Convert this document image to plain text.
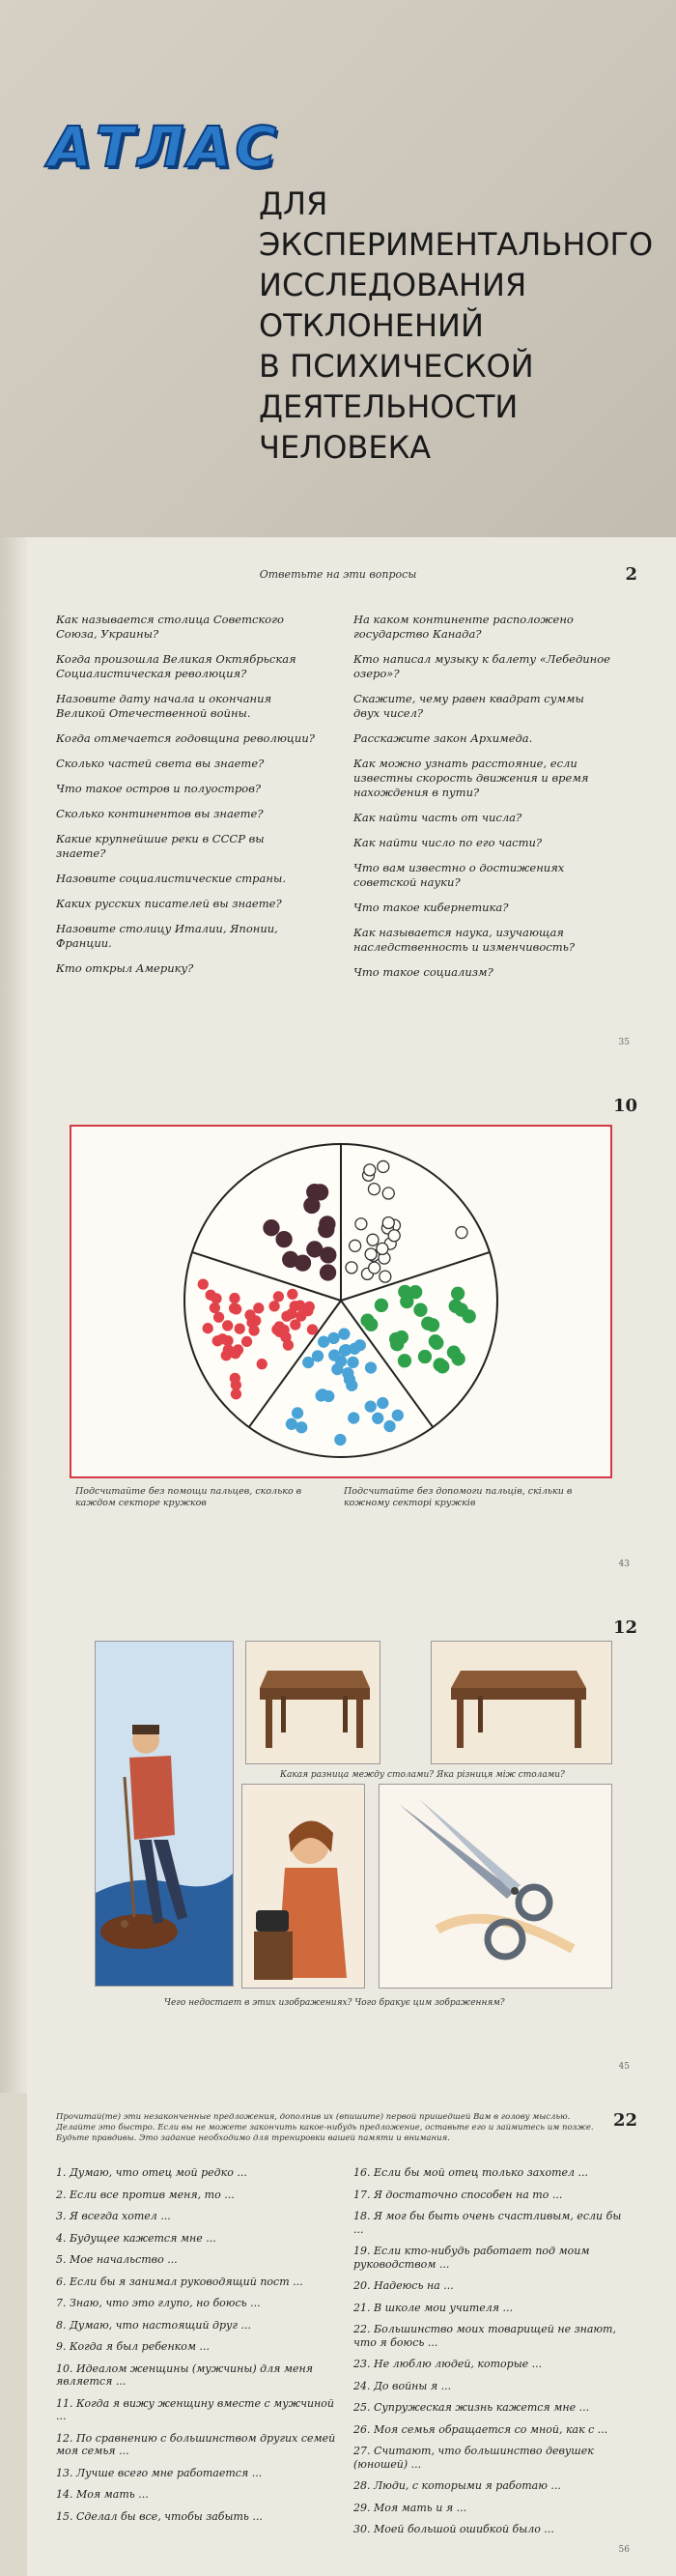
АТЛАС
ДЛЯ
ЭКСПЕРИМЕНТАЛЬНОГО
ИССЛЕДОВАНИЯ
ОТКЛОНЕНИЙ
В ПСИХИЧЕСКОЙ
ДЕЯТЕЛЬНОСТИ
ЧЕЛОВЕКА
Ответьте на эти вопросы	2
Как называется столица Советского Союза, Украины?
Когда произошла Великая Октябрьская Социалистическая революция?
Назовите дату начала и окончания Великой Отечественной войны.
Когда отмечается годовщина революции?
Сколько частей света вы знаете?
Что такое остров и полуостров?
Сколько континентов вы знаете?
Какие крупнейшие реки в СССР вы знаете?
Назовите социалистические страны.
Каких русских писателей вы знаете?
Назовите столицу Италии, Японии, Франции.
Кто открыл Америку?
На каком континенте расположено государство Канада?
Кто написал музыку к балету «Лебединое озеро»?
Скажите, чему равен квадрат суммы двух чисел?
Расскажите закон Архимеда.
Как можно узнать расстояние, если известны скорость движения и время нахождения в пути?
Как найти часть от числа?
Как найти число по его части?
Что вам известно о достижениях советской науки?
Что такое кибернетика?
Как называется наука, изучающая наследственность и изменчивость?
Что такое социализм?
35
10
Подсчитайте без помощи пальцев, сколько в каждом секторе кружков
Подсчитайте без допомоги пальців, скільки в кожному секторі кружків
43
12
Какая разница между столами? Яка різниця між столами?
Чего недостает в этих изображениях? Чого бракує цим зображенням?
45
Прочитай(те) эти незаконченные предложения, дополнив их (впишите) первой пришедшей Вам в голову мыслью. Делайте это быстро. Если вы не можете закончить какое-нибудь предложение, оставьте его и займитесь им позже. Будьте правдивы. Это задание необходимо для тренировки вашей памяти и внимания.
22
1. Думаю, что отец мой редко ...
2. Если все против меня, то ...
3. Я всегда хотел ...
4. Будущее кажется мне ...
5. Мое начальство ...
6. Если бы я занимал руководящий пост ...
7. Знаю, что это глупо, но боюсь ...
8. Думаю, что настоящий друг ...
9. Когда я был ребенком ...
10. Идеалом женщины (мужчины) для меня является ...
11. Когда я вижу женщину вместе с мужчиной ...
12. По сравнению с большинством других семей моя семья ...
13. Лучше всего мне работается ...
14. Моя мать ...
15. Сделал бы все, чтобы забыть ...
16. Если бы мой отец только захотел ...
17. Я достаточно способен на то ...
18. Я мог бы быть очень счастливым, если бы ...
19. Если кто-нибудь работает под моим руководством ...
20. Надеюсь на ...
21. В школе мои учителя ...
22. Большинство моих товарищей не знают, что я боюсь ...
23. Не люблю людей, которые ...
24. До войны я ...
25. Супружеская жизнь кажется мне ...
26. Моя семья обращается со мной, как с ...
27. Считают, что большинство девушек (юношей) ...
28. Люди, с которыми я работаю ...
29. Моя мать и я ...
30. Моей большой ошибкой было ...
56
